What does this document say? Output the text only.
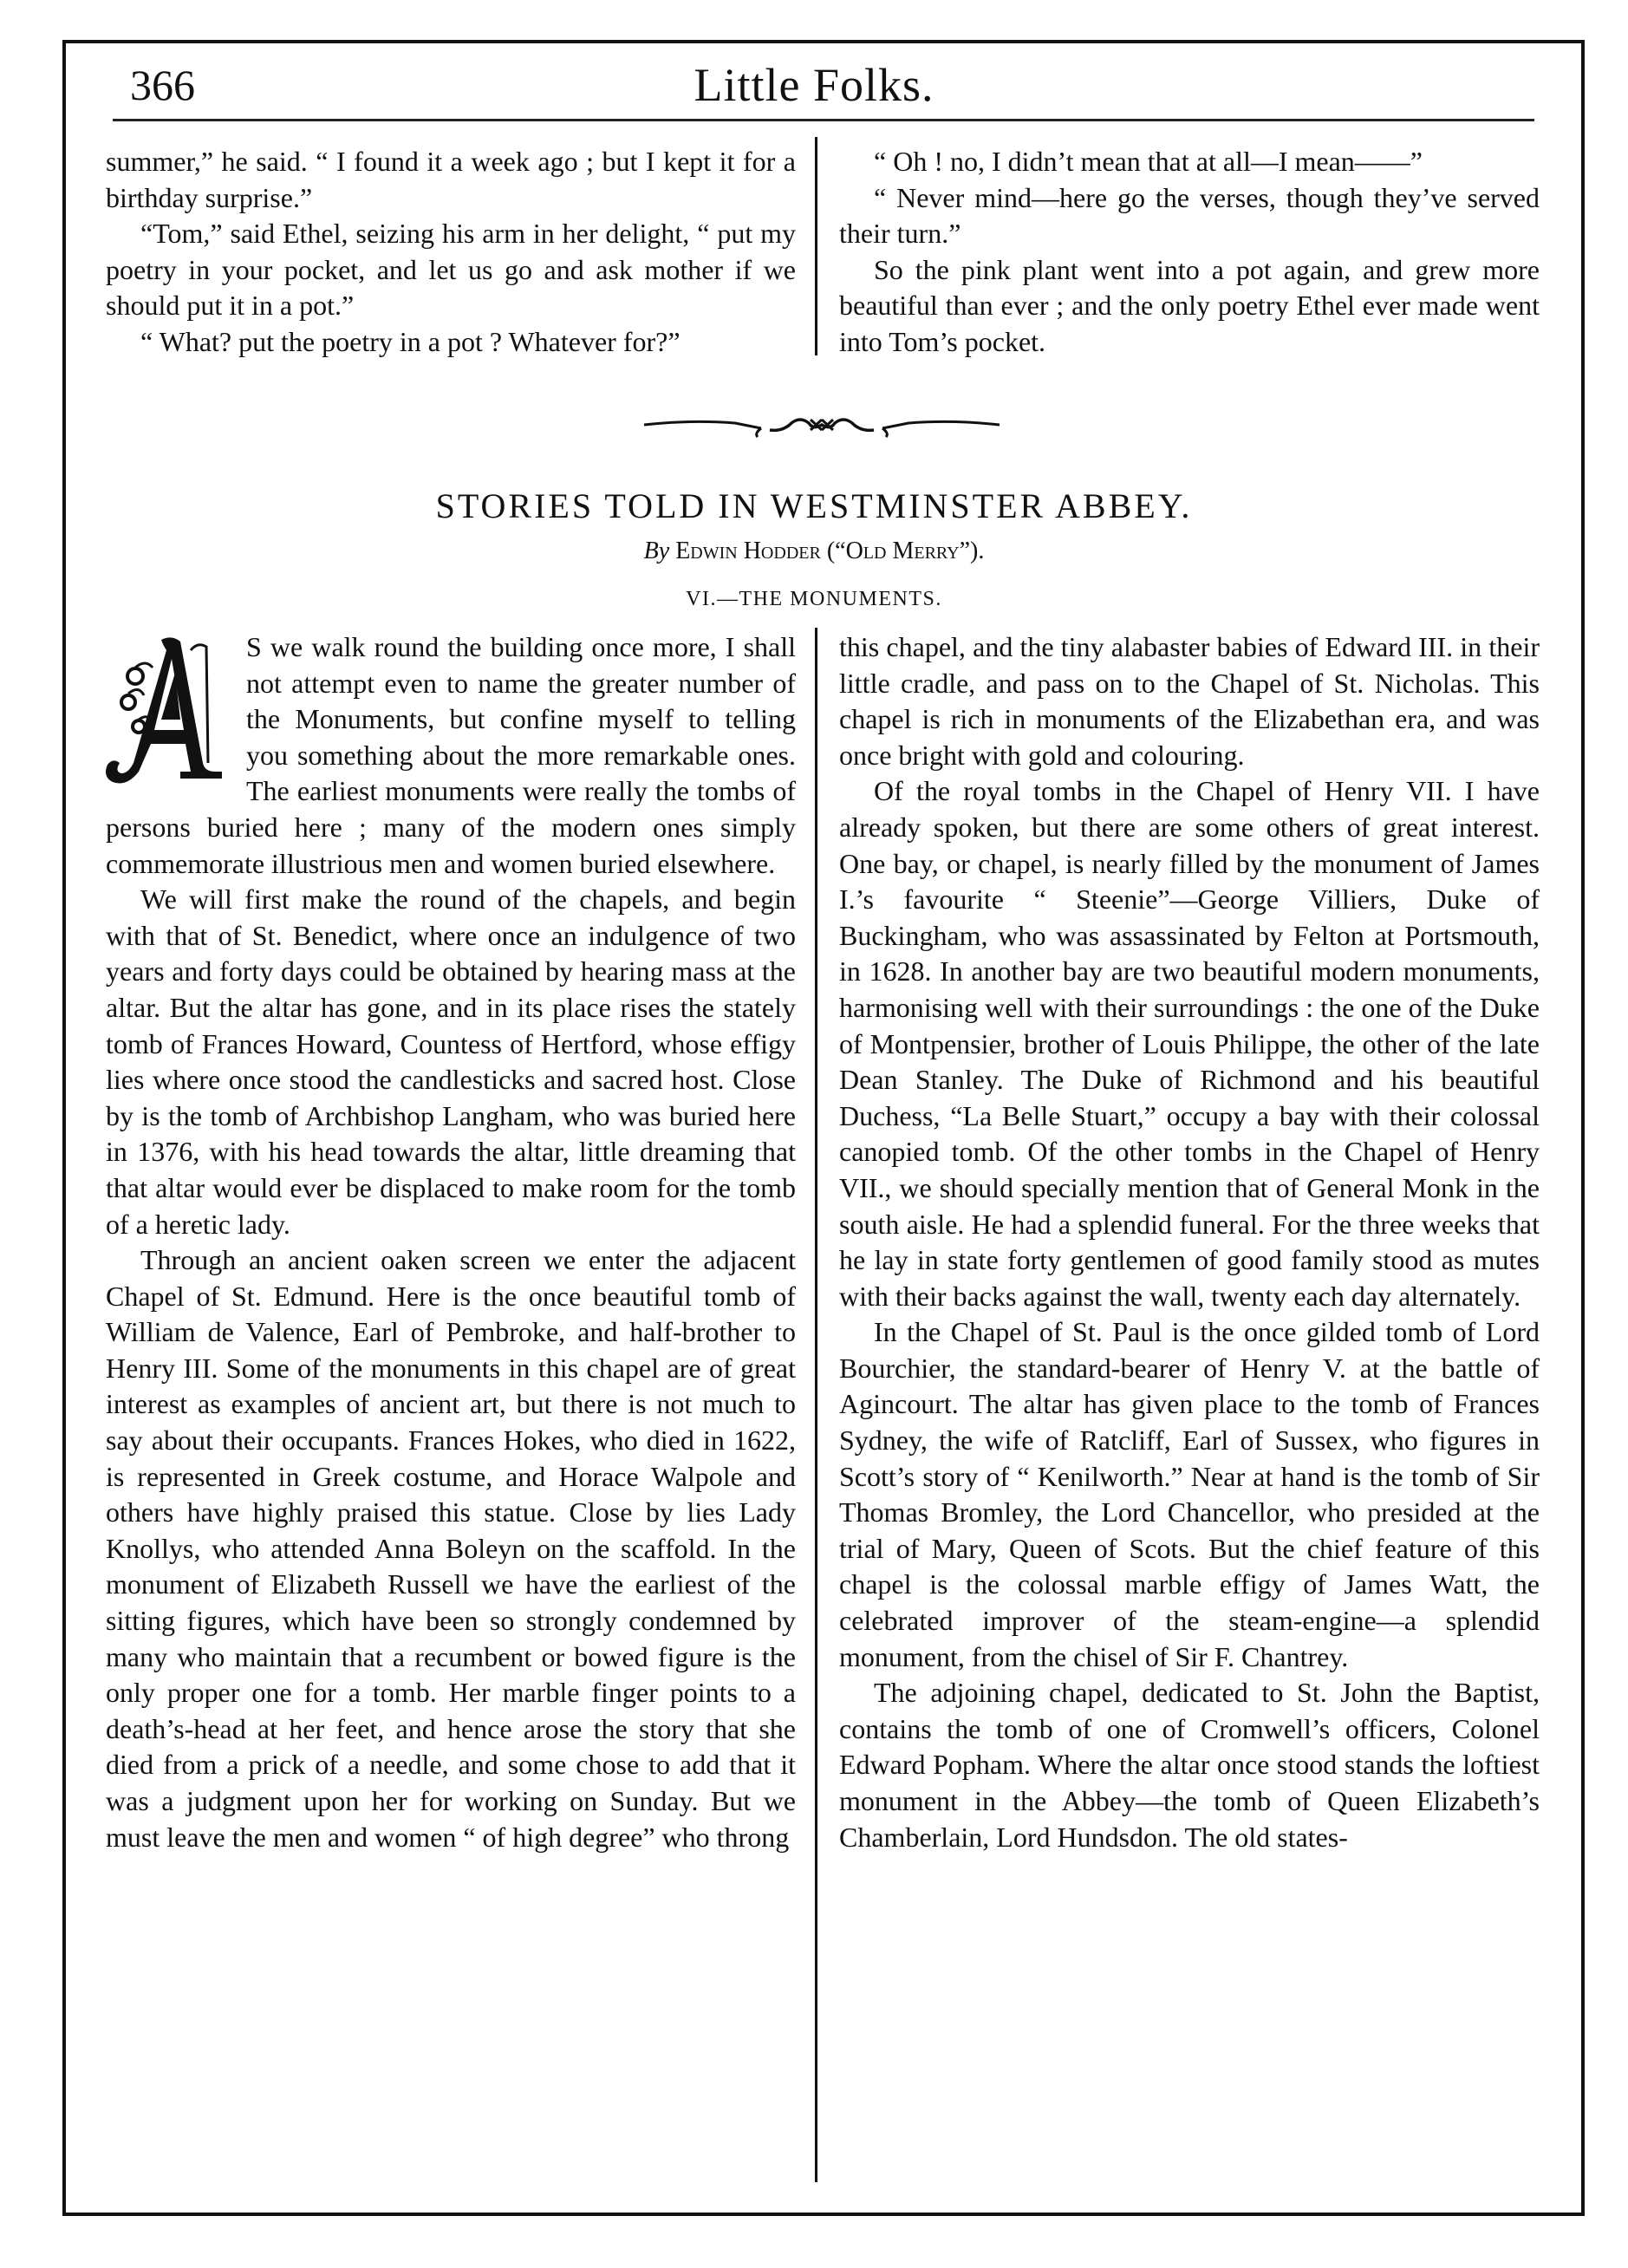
366	Little Folks.

summer,” he said. “ I found it a week ago ; but I kept it for a birthday surprise.”

“Tom,” said Ethel, seizing his arm in her delight, “ put my poetry in your pocket, and let us go and ask mother if we should put it in a pot.”

“ What? put the poetry in a pot ? Whatever for?”

“ Oh ! no, I didn’t mean that at all—I mean——”

“ Never mind—here go the verses, though they’ve served their turn.”

So the pink plant went into a pot again, and grew more beautiful than ever ; and the only poetry Ethel ever made went into Tom’s pocket.

STORIES TOLD IN WESTMINSTER ABBEY.
By Edwin Hodder (“Old Merry”).
VI.—THE MONUMENTS.

S we walk round the building once more, I shall not attempt even to name the greater number of the Monuments, but confine myself to telling you something about the more remarkable ones. The earliest monuments were really the tombs of persons buried here ; many of the modern ones simply commemorate illustrious men and women buried elsewhere.

We will first make the round of the chapels, and begin with that of St. Benedict, where once an indulgence of two years and forty days could be obtained by hearing mass at the altar. But the altar has gone, and in its place rises the stately tomb of Frances Howard, Countess of Hertford, whose effigy lies where once stood the candlesticks and sacred host. Close by is the tomb of Archbishop Langham, who was buried here in 1376, with his head towards the altar, little dreaming that that altar would ever be displaced to make room for the tomb of a heretic lady.

Through an ancient oaken screen we enter the adjacent Chapel of St. Edmund. Here is the once beautiful tomb of William de Valence, Earl of Pembroke, and half-brother to Henry III. Some of the monuments in this chapel are of great interest as examples of ancient art, but there is not much to say about their occupants. Frances Hokes, who died in 1622, is represented in Greek costume, and Horace Walpole and others have highly praised this statue. Close by lies Lady Knollys, who attended Anna Boleyn on the scaffold. In the monument of Elizabeth Russell we have the earliest of the sitting figures, which have been so strongly condemned by many who maintain that a recumbent or bowed figure is the only proper one for a tomb. Her marble finger points to a death’s-head at her feet, and hence arose the story that she died from a prick of a needle, and some chose to add that it was a judgment upon her for working on Sunday. But we must leave the men and women “ of high degree” who throng

this chapel, and the tiny alabaster babies of Edward III. in their little cradle, and pass on to the Chapel of St. Nicholas. This chapel is rich in monuments of the Elizabethan era, and was once bright with gold and colouring.

Of the royal tombs in the Chapel of Henry VII. I have already spoken, but there are some others of great interest. One bay, or chapel, is nearly filled by the monument of James I.’s favourite “ Steenie”—George Villiers, Duke of Buckingham, who was assassinated by Felton at Portsmouth, in 1628. In another bay are two beautiful modern monuments, harmonising well with their surroundings : the one of the Duke of Montpensier, brother of Louis Philippe, the other of the late Dean Stanley. The Duke of Richmond and his beautiful Duchess, “La Belle Stuart,” occupy a bay with their colossal canopied tomb. Of the other tombs in the Chapel of Henry VII., we should specially mention that of General Monk in the south aisle. He had a splendid funeral. For the three weeks that he lay in state forty gentlemen of good family stood as mutes with their backs against the wall, twenty each day alternately.

In the Chapel of St. Paul is the once gilded tomb of Lord Bourchier, the standard-bearer of Henry V. at the battle of Agincourt. The altar has given place to the tomb of Frances Sydney, the wife of Ratcliff, Earl of Sussex, who figures in Scott’s story of “ Kenilworth.” Near at hand is the tomb of Sir Thomas Bromley, the Lord Chancellor, who presided at the trial of Mary, Queen of Scots. But the chief feature of this chapel is the colossal marble effigy of James Watt, the celebrated improver of the steam-engine—a splendid monument, from the chisel of Sir F. Chantrey.

The adjoining chapel, dedicated to St. John the Baptist, contains the tomb of one of Cromwell’s officers, Colonel Edward Popham. Where the altar once stood stands the loftiest monument in the Abbey—the tomb of Queen Elizabeth’s Chamberlain, Lord Hundsdon. The old states-
